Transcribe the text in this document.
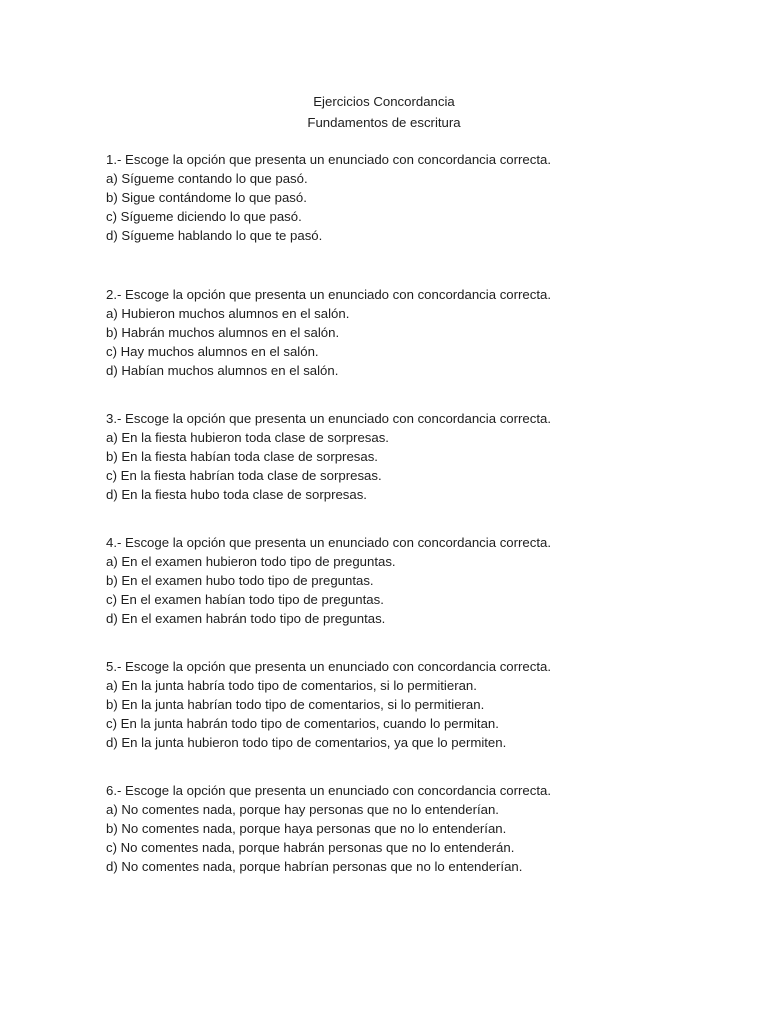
Ejercicios Concordancia
Fundamentos de escritura
1.- Escoge la opción que presenta un enunciado con concordancia correcta.
a) Sígueme contando lo que pasó.
b) Sigue contándome lo que pasó.
c) Sígueme diciendo lo que pasó.
d) Sígueme hablando lo que te pasó.
2.- Escoge la opción que presenta un enunciado con concordancia correcta.
a) Hubieron muchos alumnos en el salón.
b) Habrán muchos alumnos en el salón.
c) Hay muchos alumnos en el salón.
d) Habían muchos alumnos en el salón.
3.- Escoge la opción que presenta un enunciado con concordancia correcta.
a) En la fiesta hubieron toda clase de sorpresas.
b) En la fiesta habían toda clase de sorpresas.
c) En la fiesta habrían toda clase de sorpresas.
d) En la fiesta hubo toda clase de sorpresas.
4.- Escoge la opción que presenta un enunciado con concordancia correcta.
a) En el examen hubieron todo tipo de preguntas.
b) En el examen hubo todo tipo de preguntas.
c) En el examen habían todo tipo de preguntas.
d) En el examen habrán todo tipo de preguntas.
5.- Escoge la opción que presenta un enunciado con concordancia correcta.
a) En la junta habría todo tipo de comentarios, si lo permitieran.
b) En la junta habrían todo tipo de comentarios, si lo permitieran.
c) En la junta habrán todo tipo de comentarios, cuando lo permitan.
d) En la junta hubieron todo tipo de comentarios, ya que lo permiten.
6.- Escoge la opción que presenta un enunciado con concordancia correcta.
a) No comentes nada, porque hay personas que no lo entenderían.
b) No comentes nada, porque haya personas que no lo entenderían.
c) No comentes nada, porque habrán personas que no lo entenderán.
d) No comentes nada, porque habrían personas que no lo entenderían.
